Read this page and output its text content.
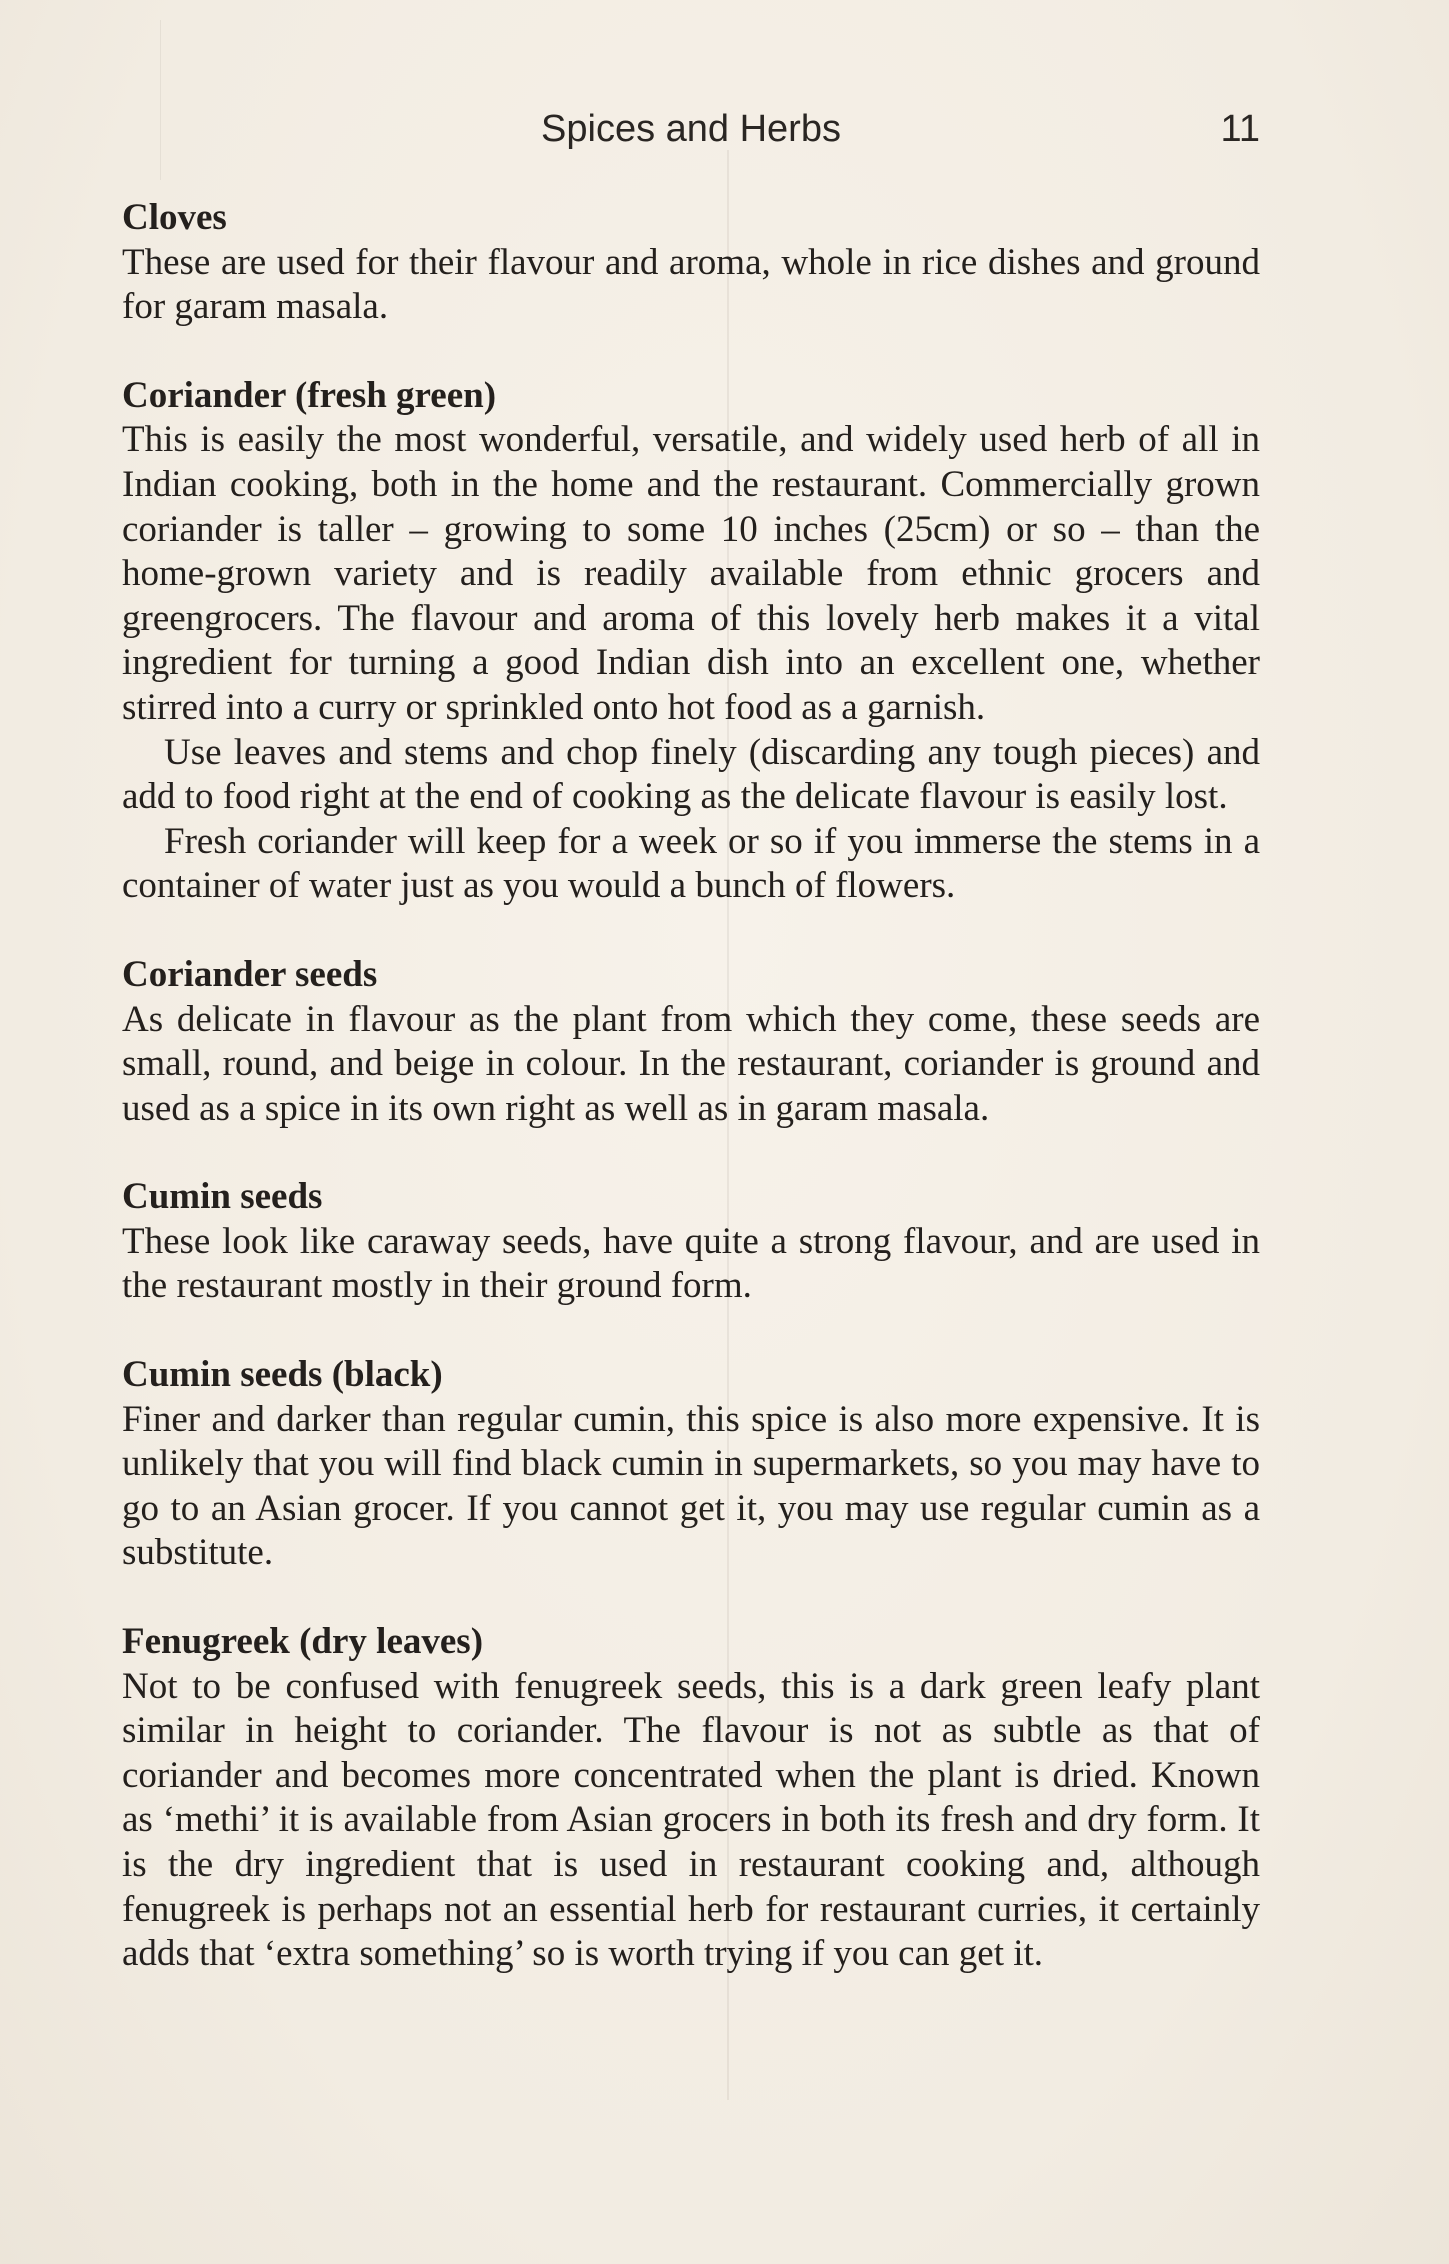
Spices and Herbs	11

Cloves

These are used for their flavour and aroma, whole in rice dishes and ground for garam masala.

Coriander (fresh green)

This is easily the most wonderful, versatile, and widely used herb of all in Indian cooking, both in the home and the restaurant. Commercially grown coriander is taller – growing to some 10 inches (25cm) or so – than the home-grown variety and is readily available from ethnic grocers and greengrocers. The flavour and aroma of this lovely herb makes it a vital ingredient for turning a good Indian dish into an excellent one, whether stirred into a curry or sprinkled onto hot food as a garnish.

Use leaves and stems and chop finely (discarding any tough pieces) and add to food right at the end of cooking as the delicate flavour is easily lost.

Fresh coriander will keep for a week or so if you immerse the stems in a container of water just as you would a bunch of flowers.

Coriander seeds

As delicate in flavour as the plant from which they come, these seeds are small, round, and beige in colour. In the restaurant, coriander is ground and used as a spice in its own right as well as in garam masala.

Cumin seeds

These look like caraway seeds, have quite a strong flavour, and are used in the restaurant mostly in their ground form.

Cumin seeds (black)

Finer and darker than regular cumin, this spice is also more expensive. It is unlikely that you will find black cumin in supermarkets, so you may have to go to an Asian grocer. If you cannot get it, you may use regular cumin as a substitute.

Fenugreek (dry leaves)

Not to be confused with fenugreek seeds, this is a dark green leafy plant similar in height to coriander. The flavour is not as subtle as that of coriander and becomes more concentrated when the plant is dried. Known as ‘methi’ it is available from Asian grocers in both its fresh and dry form. It is the dry ingredient that is used in restaurant cooking and, although fenugreek is perhaps not an essential herb for restaurant curries, it certainly adds that ‘extra something’ so is worth trying if you can get it.
